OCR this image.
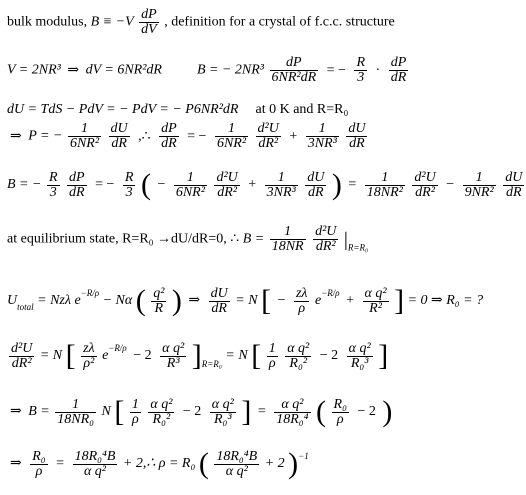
bulk modulus, $B \equiv -V \frac{dP}{dV}$ , definition for a crystal of f.c.c. structure
V = 2NR³ ⇒ dV = 6NR²dR	B = − $2NR^3 \frac{dP}{\text{6NR²dR}}$ = − $\frac{R}{3} \cdot \frac{dP}{dR}$
dU = TdS − PdV = − PdV = − P6NR²dR at 0 K and R=R₀
⇒ P = − $\frac{1}{\text{6NR²}}$
$\frac{dU}{dR}$ ,∴ $\frac{dP}{dR}$ = − $\frac{1}{\text{6NR²}}$
$\frac{\text{d²U}}{\text{dR²}} + \frac{1}{\text{3NR³}}$
$\frac{dU}{dR}$
B = − $\frac{R}{3}$
$\frac{dP}{dR}$ = − $\frac{R}{3}$ ( − $\frac{1}{\text{6NR²}}$
$\frac{\text{d²U}}{\text{dR²}} + \frac{1}{\text{3NR³}}$
$\frac{dU}{dR}$ ) = $\frac{1}{\text{18NR²}}$
$\frac{\text{d²U}}{\text{dR²}} - \frac{1}{\text{9NR²}}$
$\frac{dU}{dR}$
at equilibrium state, R=R₀ →dU/dR=0, ∴ $B = \frac{1}{18NR}$
$\frac{\text{d²U}}{\text{dR²}} |_{R=R_0}$
$U_{total} = Nz\lambda$ $e^{-R/\rho} - N\alpha$ ( $\frac{\text{q²}}{R}$ ) ⇒ $\frac{dU}{dR} = N$ [ − $\frac{z\lambda}{\rho} e^{-R/\rho} + \frac{\text{α q²}}{\text{R²}}$ ] = 0 ⇒ R₀ = ?
$\frac{\text{d²U}}{\text{dR²}} = N$ [ $\frac{z\lambda}{\text{ρ²}} e^{-R/\rho} - 2 \frac{\text{α q²}}{\text{R³}} ]_{R=R_0} = N$ [ $\frac{1}{\rho}$
$\frac{\text{α q²}}{\text{R₀²}} - 2 \frac{\text{α q²}}{\text{R₀³}}$ ]
⇒ $B = \frac{1}{\text{18NR₀}}$ N [ $\frac{1}{\rho}$
$\frac{\text{α q²}}{\text{R₀²}} - 2 \frac{\text{α q²}}{\text{R₀³}}$ ] = $\frac{\text{α q²}}{\text{18R₀⁴}}$ ( $\frac{\text{R₀}}{\rho} - 2$ )
⇒ $\frac{\text{R₀}}{\rho} = \frac{\text{18R₀⁴B}}{\text{α q²}}$ + 2,∴ ρ = R₀ ( $\frac{\text{18R₀⁴B}}{\text{α q²}} + 2$ )$^{-1}$
